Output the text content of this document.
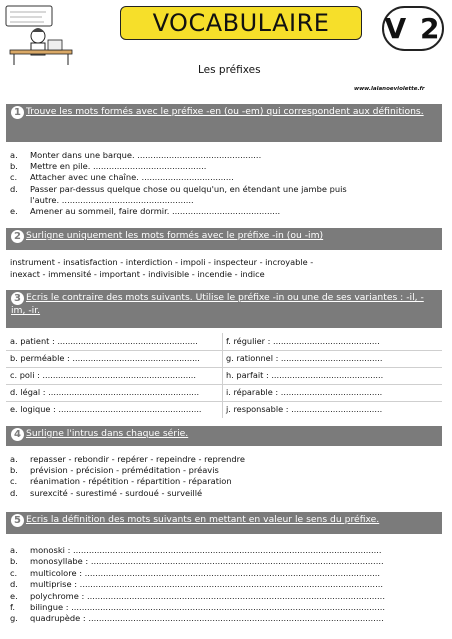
VOCABULAIRE V 2
Les préfixes
www.lalanoeviolette.fr
1 Trouve les mots formés avec le préfixe -en (ou -em) qui correspondent aux définitions.
a.	Monter dans une barque. ...............................................
b.	Mettre en pile. ...........................................
c.	Attacher avec une chaîne. ...................................
d.	Passer par-dessus quelque chose ou quelqu'un, en étendant une jambe puis
l'autre. ..................................................
e.	Amener au sommeil, faire dormir. .........................................
2 Surligne uniquement les mots formés avec le préfixe -in (ou -im)
instrument - insatisfaction - interdiction - impoli - inspecteur - incroyable -
inexact - immensité - important - indivisible - incendie - indice
3 Ecris le contraire des mots suivants. Utilise le préfixe -in ou une de ses variantes : -il, -im, -ir.
a. patient : ......................................................	f. régulier : .........................................
b. perméable : .................................................	g. rationnel : .......................................
c. poli : ...........................................................	h. parfait : ...........................................
d. légal : ..........................................................	i. réparable : .......................................
e. logique : .......................................................	j. responsable : ...................................
4 Surligne l'intrus dans chaque série.
a.	repasser - rebondir - repérer - repeindre - reprendre
b.	prévision - précision - préméditation - préavis
c.	réanimation - répétition - répartition - réparation
d.	surexcité - surestimé - surdoué - surveillé
5 Ecris la définition des mots suivants en mettant en valeur le sens du préfixe.
a.	monoski : .....................................................................................................................
b.	monosyllabe : ...............................................................................................................
c.	multicolore : ................................................................................................................
d.	multiprise : ...................................................................................................................
e.	polychrome : .................................................................................................................
f.	bilingue : .......................................................................................................................
g.	quadrupède : ................................................................................................................
